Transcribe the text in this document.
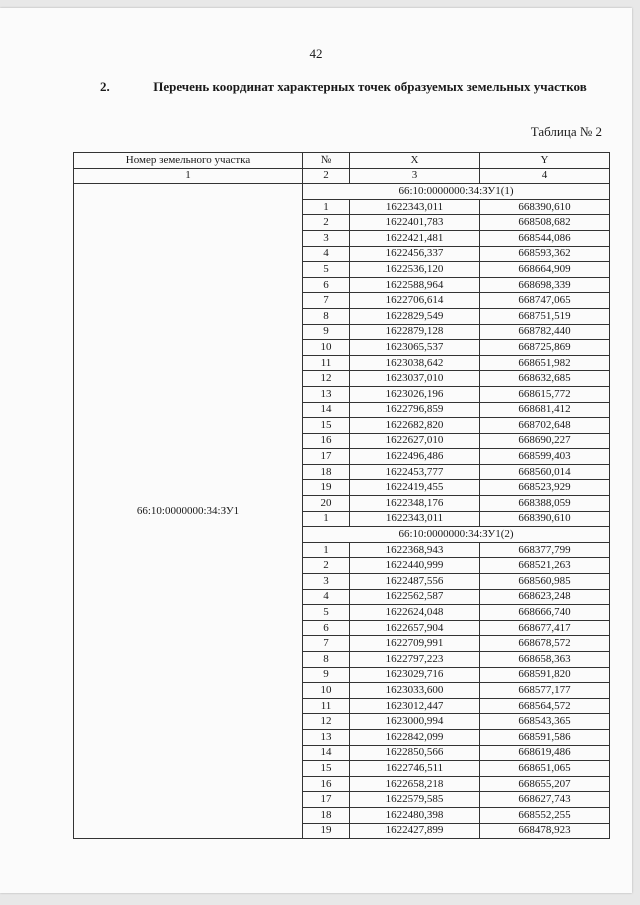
42
2.	Перечень координат характерных точек образуемых земельных участков
Таблица № 2
Номер земельного участка	№	X	Y
1	2	3	4
66:10:0000000:34:ЗУ1	66:10:0000000:34:ЗУ1(1)		
	1	1622343,011	668390,610
	2	1622401,783	668508,682
	3	1622421,481	668544,086
	4	1622456,337	668593,362
	5	1622536,120	668664,909
	6	1622588,964	668698,339
	7	1622706,614	668747,065
	8	1622829,549	668751,519
	9	1622879,128	668782,440
	10	1623065,537	668725,869
	11	1623038,642	668651,982
	12	1623037,010	668632,685
	13	1623026,196	668615,772
	14	1622796,859	668681,412
	15	1622682,820	668702,648
	16	1622627,010	668690,227
	17	1622496,486	668599,403
	18	1622453,777	668560,014
	19	1622419,455	668523,929
	20	1622348,176	668388,059
	1	1622343,011	668390,610
	66:10:0000000:34:ЗУ1(2)		
	1	1622368,943	668377,799
	2	1622440,999	668521,263
	3	1622487,556	668560,985
	4	1622562,587	668623,248
	5	1622624,048	668666,740
	6	1622657,904	668677,417
	7	1622709,991	668678,572
	8	1622797,223	668658,363
	9	1623029,716	668591,820
	10	1623033,600	668577,177
	11	1623012,447	668564,572
	12	1623000,994	668543,365
	13	1622842,099	668591,586
	14	1622850,566	668619,486
	15	1622746,511	668651,065
	16	1622658,218	668655,207
	17	1622579,585	668627,743
	18	1622480,398	668552,255
	19	1622427,899	668478,923
